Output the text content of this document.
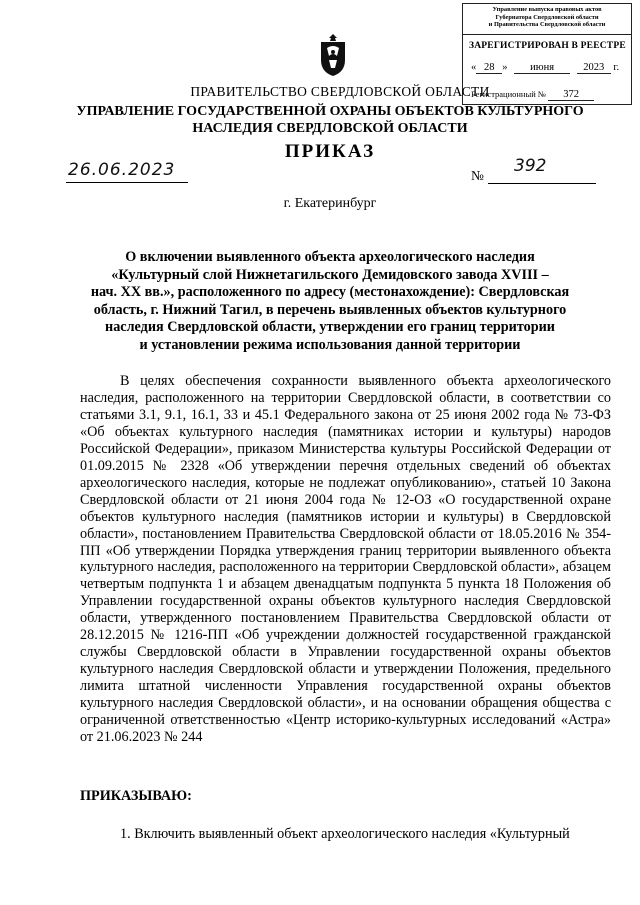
Управление выпуска правовых актов
Губернатора Свердловской области
и Правительства Свердловской области
ЗАРЕГИСТРИРОВАН В РЕЕСТРЕ
« 28 » июня	2023 г.
Регистрационный № 372
ПРАВИТЕЛЬСТВО СВЕРДЛОВСКОЙ ОБЛАСТИ
УПРАВЛЕНИЕ ГОСУДАРСТВЕННОЙ ОХРАНЫ ОБЪЕКТОВ КУЛЬТУРНОГО НАСЛЕДИЯ СВЕРДЛОВСКОЙ ОБЛАСТИ
ПРИКАЗ
26.06.2023	№ 392
г. Екатеринбург
О включении выявленного объекта археологического наследия
«Культурный слой Нижнетагильского Демидовского завода XVIII –
нач. XX вв.», расположенного по адресу (местонахождение): Свердловская
область, г. Нижний Тагил, в перечень выявленных объектов культурного
наследия Свердловской области, утверждении его границ территории
и установлении режима использования данной территории
В целях обеспечения сохранности выявленного объекта археологического наследия, расположенного на территории Свердловской области, в соответствии со статьями 3.1, 9.1, 16.1, 33 и 45.1 Федерального закона от 25 июня 2002 года № 73-ФЗ «Об объектах культурного наследия (памятниках истории и культуры) народов Российской Федерации», приказом Министерства культуры Российской Федерации от 01.09.2015 № 2328 «Об утверждении перечня отдельных сведений об объектах археологического наследия, которые не подлежат опубликованию», статьей 10 Закона Свердловской области от 21 июня 2004 года № 12-ОЗ «О государственной охране объектов культурного наследия (памятников истории и культуры) в Свердловской области», постановлением Правительства Свердловской области от 18.05.2016 № 354-ПП «Об утверждении Порядка утверждения границ территории выявленного объекта культурного наследия, расположенного на территории Свердловской области», абзацем четвертым подпункта 1 и абзацем двенадцатым подпункта 5 пункта 18 Положения об Управлении государственной охраны объектов культурного наследия Свердловской области, утвержденного постановлением Правительства Свердловской области от 28.12.2015 № 1216-ПП «Об учреждении должностей государственной гражданской службы Свердловской области в Управлении государственной охраны объектов культурного наследия Свердловской области и утверждении Положения, предельного лимита штатной численности Управления государственной охраны объектов культурного наследия Свердловской области», и на основании обращения общества с ограниченной ответственностью «Центр историко-культурных исследований «Астра» от 21.06.2023 № 244
ПРИКАЗЫВАЮ:
1. Включить выявленный объект археологического наследия «Культурный
